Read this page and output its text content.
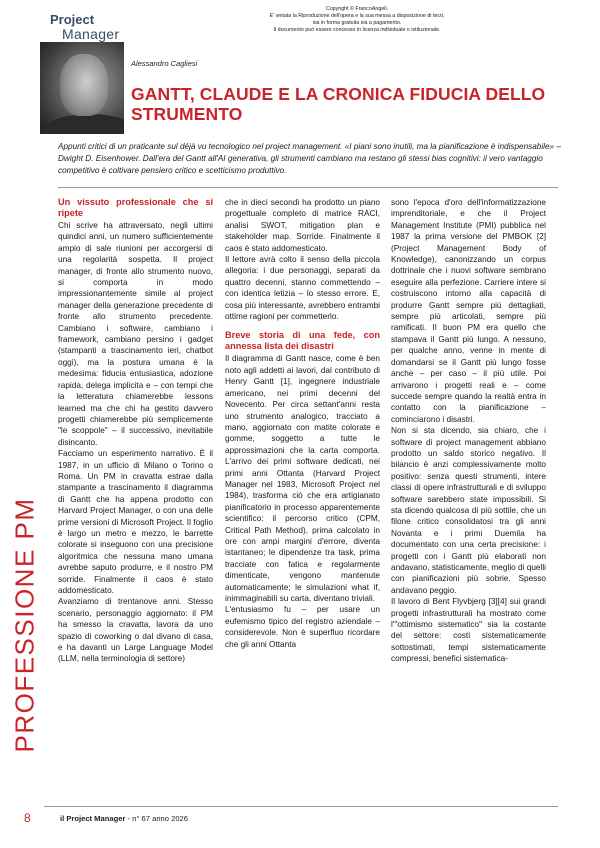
Project
Manager
Copyright © FrancoAngeli.
E' vietata la Riproduzione dell'opera e la sua messa a disposizione di terzi,
sia in forma gratuita sia a pagamento.
Il documento può essere concesso in licenza individuale o istituzionale.
Alessandro Cagliesi
GANTT, CLAUDE E LA CRONICA FIDUCIA DELLO STRUMENTO
Appunti critici di un praticante sul déjà vu tecnologico nel project management. «I piani sono inutili, ma la pianificazione è indispensabile» – Dwight D. Eisenhower. Dall'era del Gantt all'AI generativa, gli strumenti cambiano ma restano gli stessi bias cognitivi: il vero vantaggio competitivo è coltivare pensiero critico e scetticismo produttivo.
PROFESSIONE PM
Un vissuto professionale che si ripete

Chi scrive ha attraversato, negli ultimi quindici anni, un numero sufficientemente ampio di sale riunioni per accorgersi di una regolarità sospetta. Il project manager, di fronte allo strumento nuovo, si comporta in modo impressionantemente simile al project manager della generazione precedente di fronte allo strumento precedente. Cambiano i software, cambiano i framework, cambiano persino i gadget (stampanti a trascinamento ieri, chatbot oggi), ma la postura umana è la medesima: fiducia entusiastica, adozione rapida, delega implicita e – con tempi che la letteratura chiamerebbe lessons learned ma che chi ha gestito davvero progetti chiamerebbe più semplicemente "le scoppole" – il successivo, inevitabile disincanto.

Facciamo un esperimento narrativo. È il 1987, in un ufficio di Milano o Torino o Roma. Un PM in cravatta estrae dalla stampante a trascinamento il diagramma di Gantt che ha appena prodotto con Harvard Project Manager, o con una delle prime versioni di Microsoft Project. Il foglio è largo un metro e mezzo, le barrette colorate si inseguono con una precisione algoritmica che nessuna mano umana avrebbe saputo produrre, e il nostro PM sorride. Finalmente il caos è stato addomesticato.

Avanziamo di trentanove anni. Stesso scenario, personaggio aggiornato: il PM ha smesso la cravatta, lavora da uno spazio di coworking o dal divano di casa, e ha davanti un Large Language Model (LLM, nella terminologia di settore)

che in dieci secondi ha prodotto un piano progettuale completo di matrice RACI, analisi SWOT, mitigation plan e stakeholder map. Sorride. Finalmente il caos è stato addomesticato.

Il lettore avrà colto il senso della piccola allegoria: i due personaggi, separati da quattro decenni, stanno commettendo – con identica letizia – lo stesso errore. E, cosa più interessante, avrebbero entrambi ottime ragioni per commetterlo.

Breve storia di una fede, con annessa lista dei disastri

Il diagramma di Gantt nasce, come è ben noto agli addetti ai lavori, dal contributo di Henry Gantt [1], ingegnere industriale americano, nei primi decenni del Novecento. Per circa settant'anni resta uno strumento analogico, tracciato a mano, aggiornato con matite colorate e gomme, soggetto a tutte le approssimazioni che la carta comporta. L'arrivo dei primi software dedicati, nei primi anni Ottanta (Harvard Project Manager nel 1983, Microsoft Project nel 1984), trasforma ciò che era artigianato pianificatorio in processo apparentemente scientifico: il percorso critico (CPM, Critical Path Method), prima calcolato in ore con ampi margini d'errore, diventa istantaneo; le dipendenze tra task, prima tracciate con fatica e regolarmente dimenticate, vengono mantenute automaticamente; le simulazioni what if, inimmaginabili su carta, diventano triviali.

L'entusiasmo fu – per usare un eufemismo tipico del registro aziendale – considerevole. Non è superfluo ricordare che gli anni Ottanta

sono l'epoca d'oro dell'informatizzazione imprenditoriale, e che il Project Management Institute (PMI) pubblica nel 1987 la prima versione del PMBOK [2] (Project Management Body of Knowledge), canonizzando un corpus dottrinale che i nuovi software sembrano eseguire alla perfezione. Carriere intere si costruiscono intorno alla capacità di produrre Gantt sempre più dettagliati, sempre più articolati, sempre più ramificati. Il buon PM era quello che stampava il Gantt più lungo. A nessuno, per qualche anno, venne in mente di domandarsi se il Gantt più lungo fosse anche – per caso – il più utile. Poi arrivarono i progetti reali e – come succede sempre quando la realtà entra in contatto con la pianificazione – cominciarono i disastri.

Non si sta dicendo, sia chiaro, che i software di project management abbiano prodotto un saldo storico negativo. Il bilancio è anzi complessivamente molto positivo: senza questi strumenti, intere classi di opere infrastrutturali e di sviluppo software sarebbero state impossibili. Si sta dicendo qualcosa di più sottile, che un filone critico consolidatosi tra gli anni Novanta e i primi Duemila ha documentato con una certa precisione: i progetti con i Gantt più elaborati non andavano, statisticamente, meglio di quelli con pianificazioni più sobrie. Spesso andavano peggio.

Il lavoro di Bent Flyvbjerg [3][4] sui grandi progetti infrastrutturali ha mostrato come l'"ottimismo sistematico" sia la costante del settore: costi sistematicamente sottostimati, tempi sistematicamente compressi, benefici sistematica-

8	il Project Manager - n° 67 anno 2026
